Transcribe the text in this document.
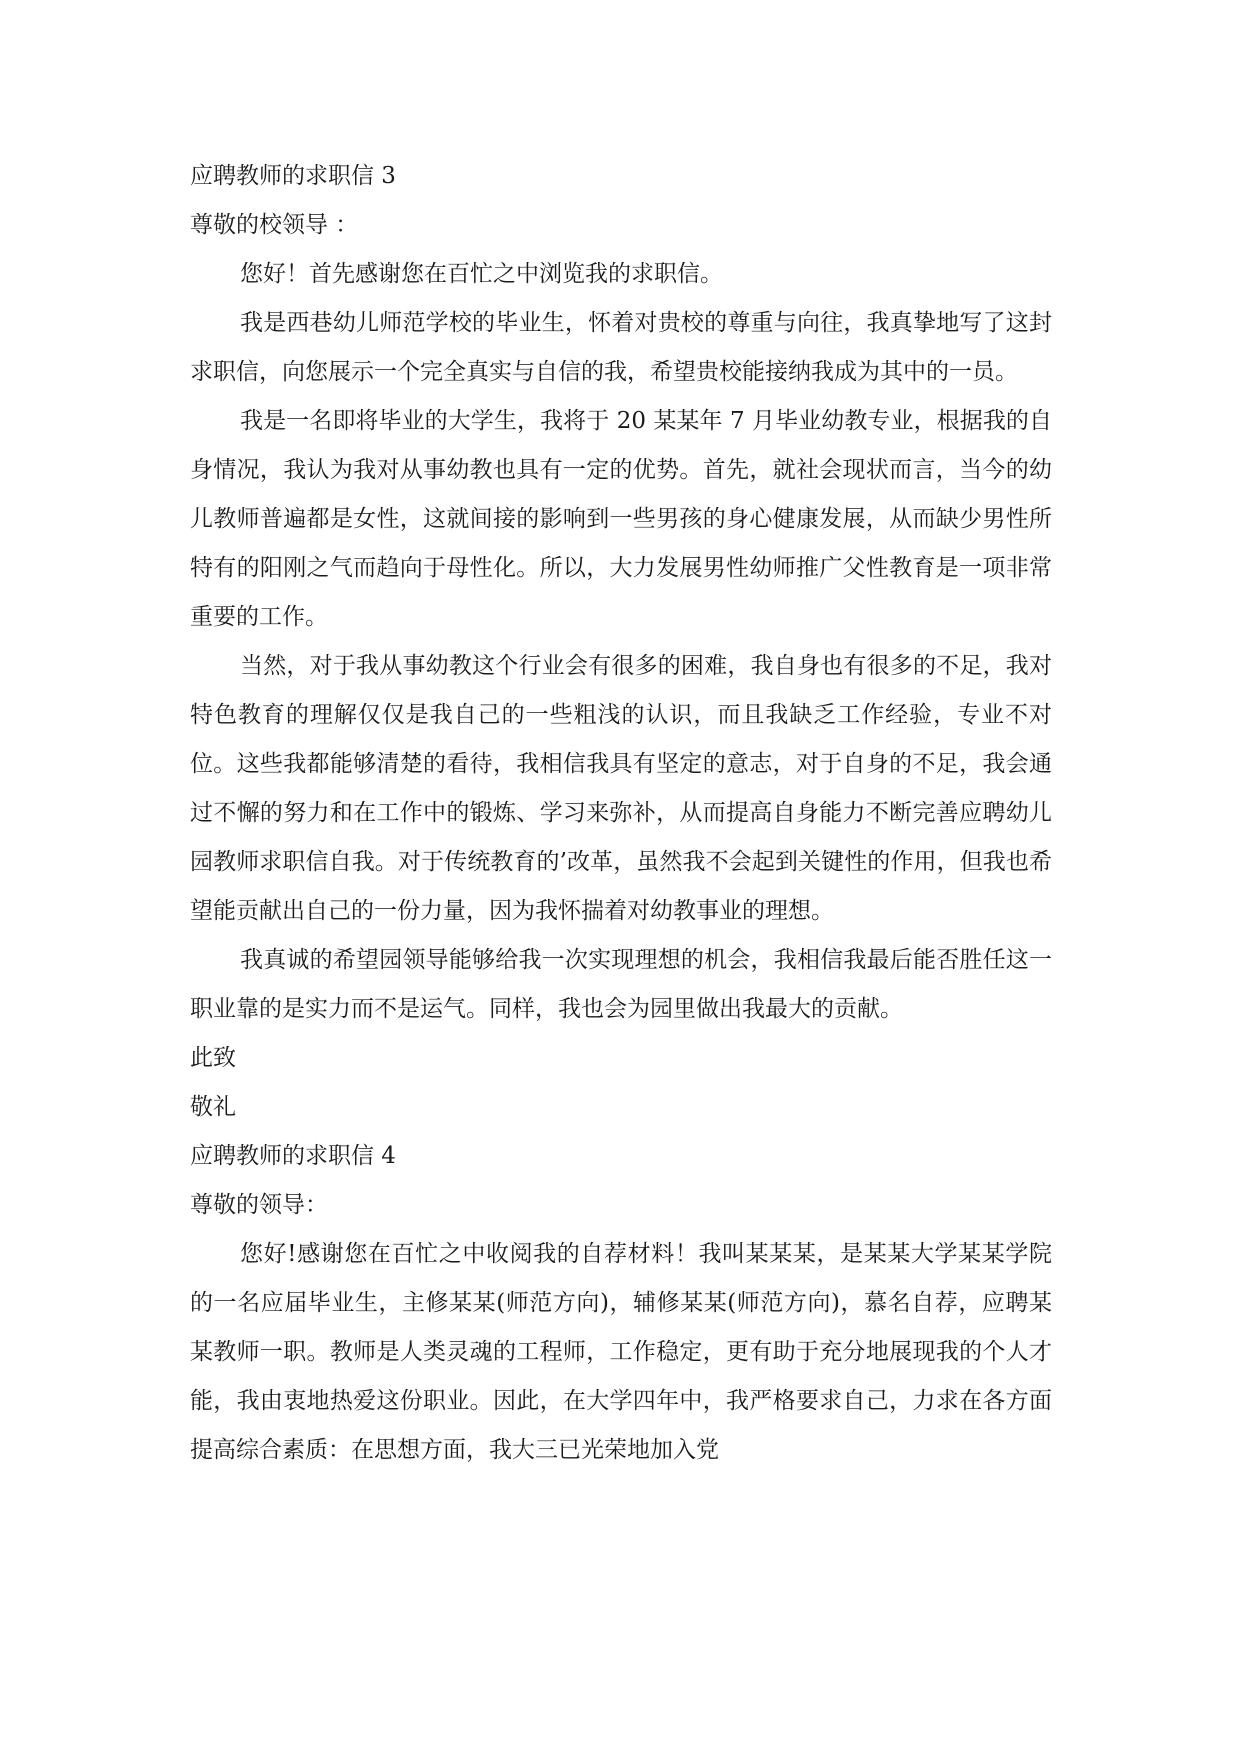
应聘教师的求职信 3

尊敬的校领导 ：

您好！首先感谢您在百忙之中浏览我的求职信。

我是西巷幼儿师范学校的毕业生，怀着对贵校的尊重与向往，我真挚地写了这封求职信，向您展示一个完全真实与自信的我，希望贵校能接纳我成为其中的一员。

我是一名即将毕业的大学生，我将于 20 某某年 7 月毕业幼教专业，根据我的自身情况，我认为我对从事幼教也具有一定的优势。首先，就社会现状而言，当今的幼儿教师普遍都是女性，这就间接的影响到一些男孩的身心健康发展，从而缺少男性所特有的阳刚之气而趋向于母性化。所以，大力发展男性幼师推广父性教育是一项非常重要的工作。

当然，对于我从事幼教这个行业会有很多的困难，我自身也有很多的不足，我对特色教育的理解仅仅是我自己的一些粗浅的认识，而且我缺乏工作经验，专业不对位。这些我都能够清楚的看待，我相信我具有坚定的意志，对于自身的不足，我会通过不懈的努力和在工作中的锻炼、学习来弥补，从而提高自身能力不断完善应聘幼儿园教师求职信自我。对于传统教育的’改革，虽然我不会起到关键性的作用，但我也希望能贡献出自己的一份力量，因为我怀揣着对幼教事业的理想。

我真诚的希望园领导能够给我一次实现理想的机会，我相信我最后能否胜任这一职业靠的是实力而不是运气。同样，我也会为园里做出我最大的贡献。

此致

敬礼

应聘教师的求职信 4

尊敬的领导：

您好!感谢您在百忙之中收阅我的自荐材料！我叫某某某，是某某大学某某学院的一名应届毕业生，主修某某(师范方向)，辅修某某(师范方向)，慕名自荐，应聘某某教师一职。教师是人类灵魂的工程师，工作稳定，更有助于充分地展现我的个人才能，我由衷地热爱这份职业。因此，在大学四年中，我严格要求自己，力求在各方面提高综合素质：在思想方面，我大三已光荣地加入党
